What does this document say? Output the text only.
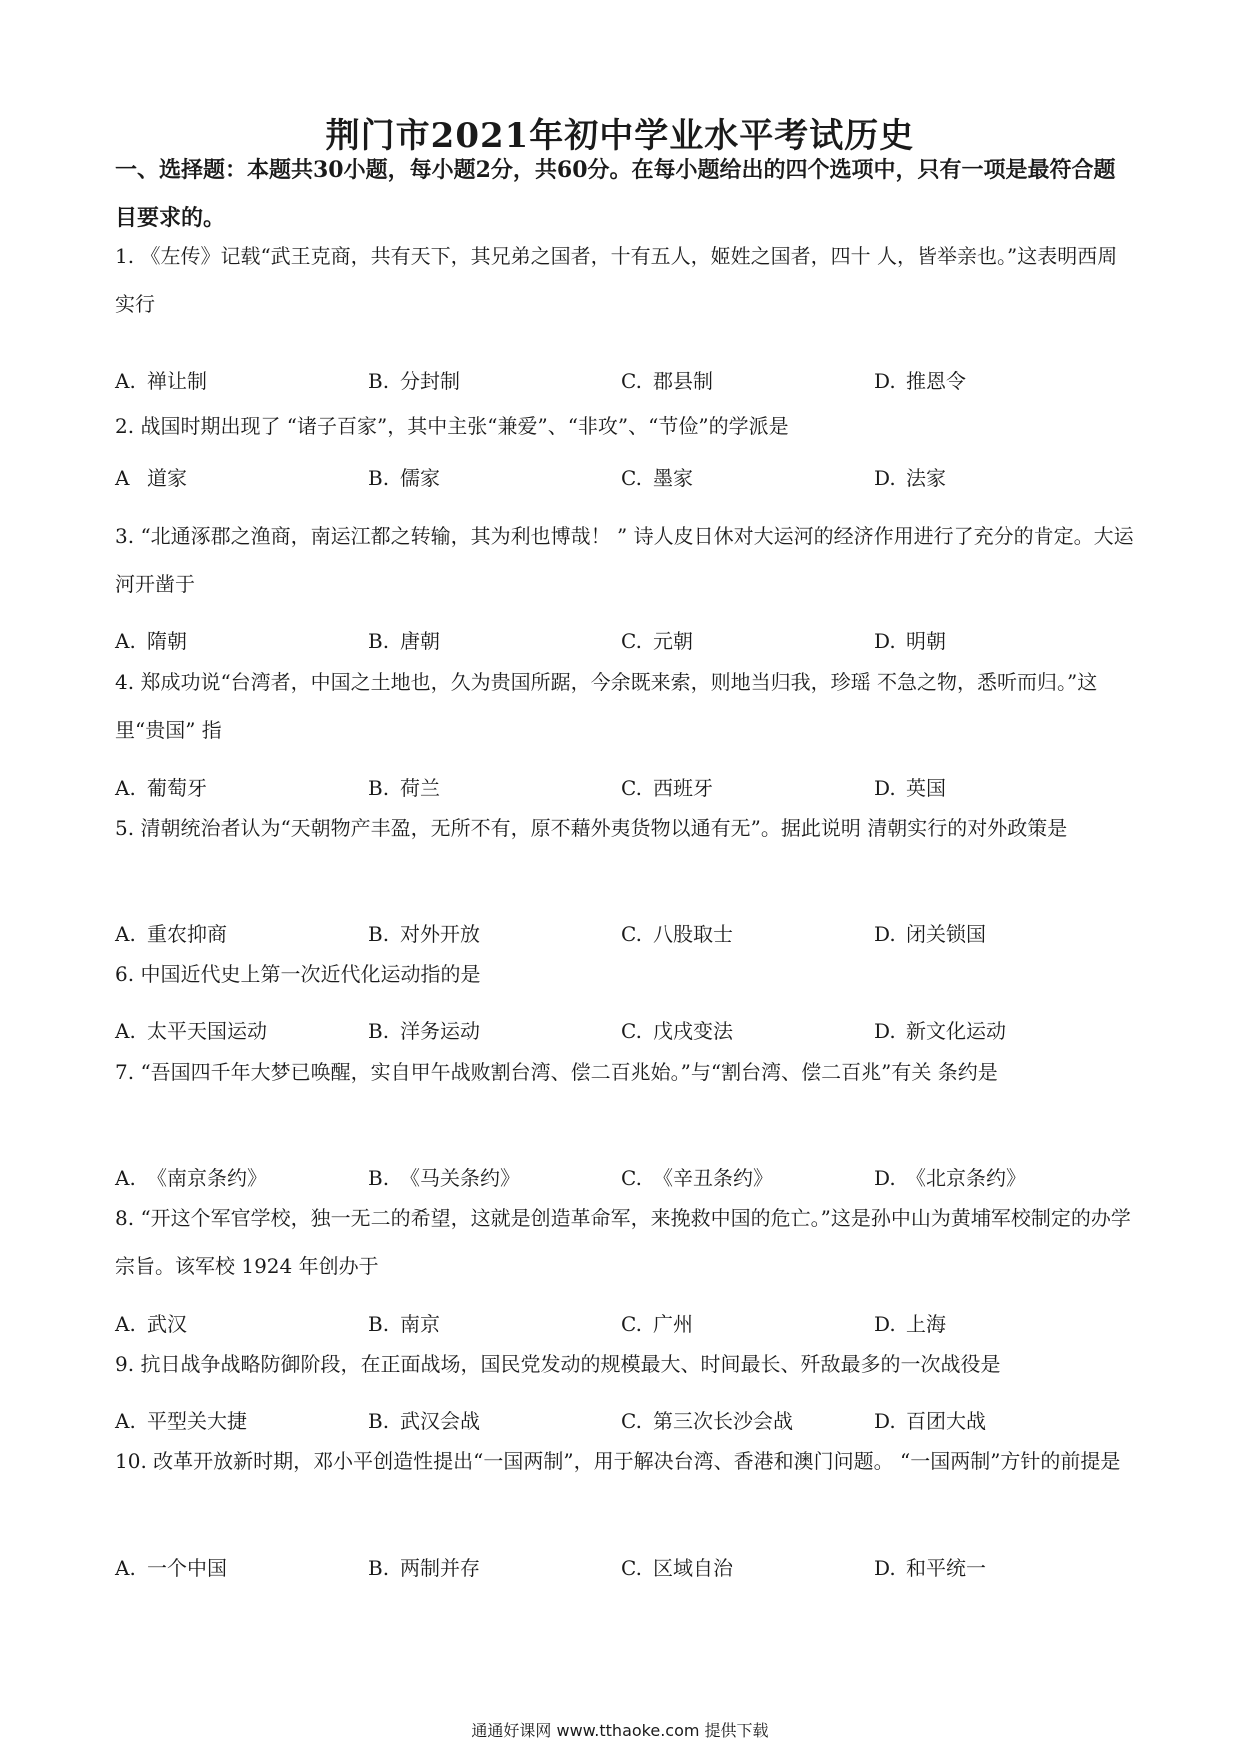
荆门市2021年初中学业水平考试历史
一、选择题：本题共30小题，每小题2分，共60分。在每小题给出的四个选项中，只有一项是最符合题目要求的。
1. 《左传》记载“武王克商，共有天下，其兄弟之国者，十有五人，姬姓之国者，四十 人，皆举亲也。”这表明西周实行
A. 禅让制	B. 分封制	C. 郡县制	D. 推恩令
2. 战国时期出现了 “诸子百家”，其中主张“兼爱”、“非攻”、“节俭”的学派是
A 道家	B. 儒家	C. 墨家	D. 法家
3. “北通涿郡之渔商，南运江都之转输，其为利也博哉！ ” 诗人皮日休对大运河的经济作用进行了充分的肯定。大运河开凿于
A. 隋朝	B. 唐朝	C. 元朝	D. 明朝
4. 郑成功说“台湾者，中国之土地也，久为贵国所踞，今余既来索，则地当归我，珍瑶 不急之物，悉听而归。”这里“贵国” 指
A. 葡萄牙	B. 荷兰	C. 西班牙	D. 英国
5. 清朝统治者认为“天朝物产丰盈，无所不有，原不藉外夷货物以通有无”。据此说明 清朝实行的对外政策是
A. 重农抑商	B. 对外开放	C. 八股取士	D. 闭关锁国
6. 中国近代史上第一次近代化运动指的是
A. 太平天国运动	B. 洋务运动	C. 戊戌变法	D. 新文化运动
7. “吾国四千年大梦已唤醒，实自甲午战败割台湾、偿二百兆始。”与“割台湾、偿二百兆”有关 条约是
A. 《南京条约》	B. 《马关条约》	C. 《辛丑条约》	D. 《北京条约》
8. “开这个军官学校，独一无二的希望，这就是创造革命军，来挽救中国的危亡。”这是孙中山为黄埔军校制定的办学宗旨。该军校 1924 年创办于
A. 武汉	B. 南京	C. 广州	D. 上海
9. 抗日战争战略防御阶段，在正面战场，国民党发动的规模最大、时间最长、歼敌最多的一次战役是
A. 平型关大捷	B. 武汉会战	C. 第三次长沙会战	D. 百团大战
10. 改革开放新时期，邓小平创造性提出“一国两制”，用于解决台湾、香港和澳门问题。 “一国两制”方针的前提是
A. 一个中国	B. 两制并存	C. 区域自治	D. 和平统一
通通好课网 www.tthaoke.com 提供下载
